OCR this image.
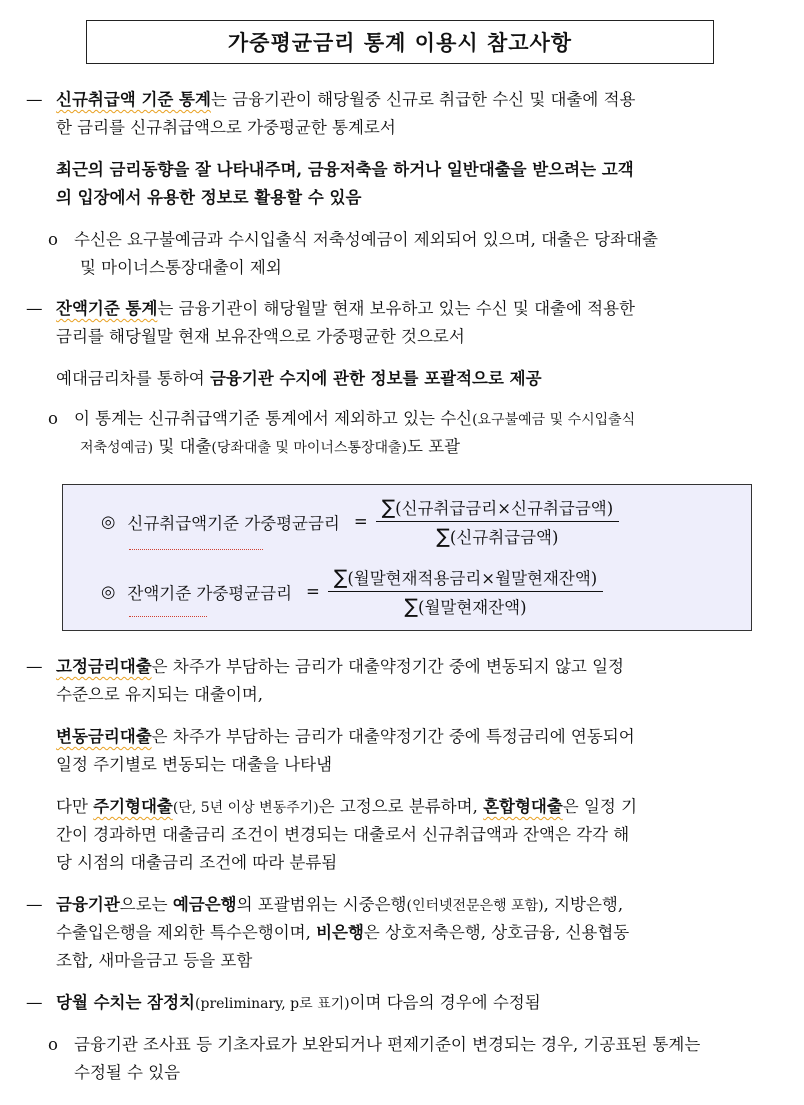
가중평균금리 통계 이용시 참고사항
— 신규취급액 기준 통계는 금융기관이 해당월중 신규로 취급한 수신 및 대출에 적용
한 금리를 신규취급액으로 가중평균한 통계로서
최근의 금리동향을 잘 나타내주며, 금융저축을 하거나 일반대출을 받으려는 고객
의 입장에서 유용한 정보로 활용할 수 있음
o 수신은 요구불예금과 수시입출식 저축성예금이 제외되어 있으며, 대출은 당좌대출
및 마이너스통장대출이 제외
— 잔액기준 통계는 금융기관이 해당월말 현재 보유하고 있는 수신 및 대출에 적용한
금리를 해당월말 현재 보유잔액으로 가중평균한 것으로서
예대금리차를 통하여 금융기관 수지에 관한 정보를 포괄적으로 제공
o 이 통계는 신규취급액기준 통계에서 제외하고 있는 수신(요구불예금 및 수시입출식
저축성예금) 및 대출(당좌대출 및 마이너스통장대출)도 포괄
◎ 신규취급액기준 가중평균금리 = $\frac{\text{∑(신규취급금리×신규취급금액)}}{\text{∑(신규취급금액)}}$
◎ 잔액기준 가중평균금리 = $\frac{\text{∑(월말현재적용금리×월말현재잔액)}}{\text{∑(월말현재잔액)}}$
— 고정금리대출은 차주가 부담하는 금리가 대출약정기간 중에 변동되지 않고 일정
수준으로 유지되는 대출이며,
변동금리대출은 차주가 부담하는 금리가 대출약정기간 중에 특정금리에 연동되어
일정 주기별로 변동되는 대출을 나타냄
다만 주기형대출(단, 5년 이상 변동주기)은 고정으로 분류하며, 혼합형대출은 일정 기
간이 경과하면 대출금리 조건이 변경되는 대출로서 신규취급액과 잔액은 각각 해
당 시점의 대출금리 조건에 따라 분류됨
— 금융기관으로는 예금은행의 포괄범위는 시중은행(인터넷전문은행 포함), 지방은행,
수출입은행을 제외한 특수은행이며, 비은행은 상호저축은행, 상호금융, 신용협동
조합, 새마을금고 등을 포함
— 당월 수치는 잠정치(preliminary, p로 표기)이며 다음의 경우에 수정됨
o 금융기관 조사표 등 기초자료가 보완되거나 편제기준이 변경되는 경우, 기공표된 통계는
수정될 수 있음
